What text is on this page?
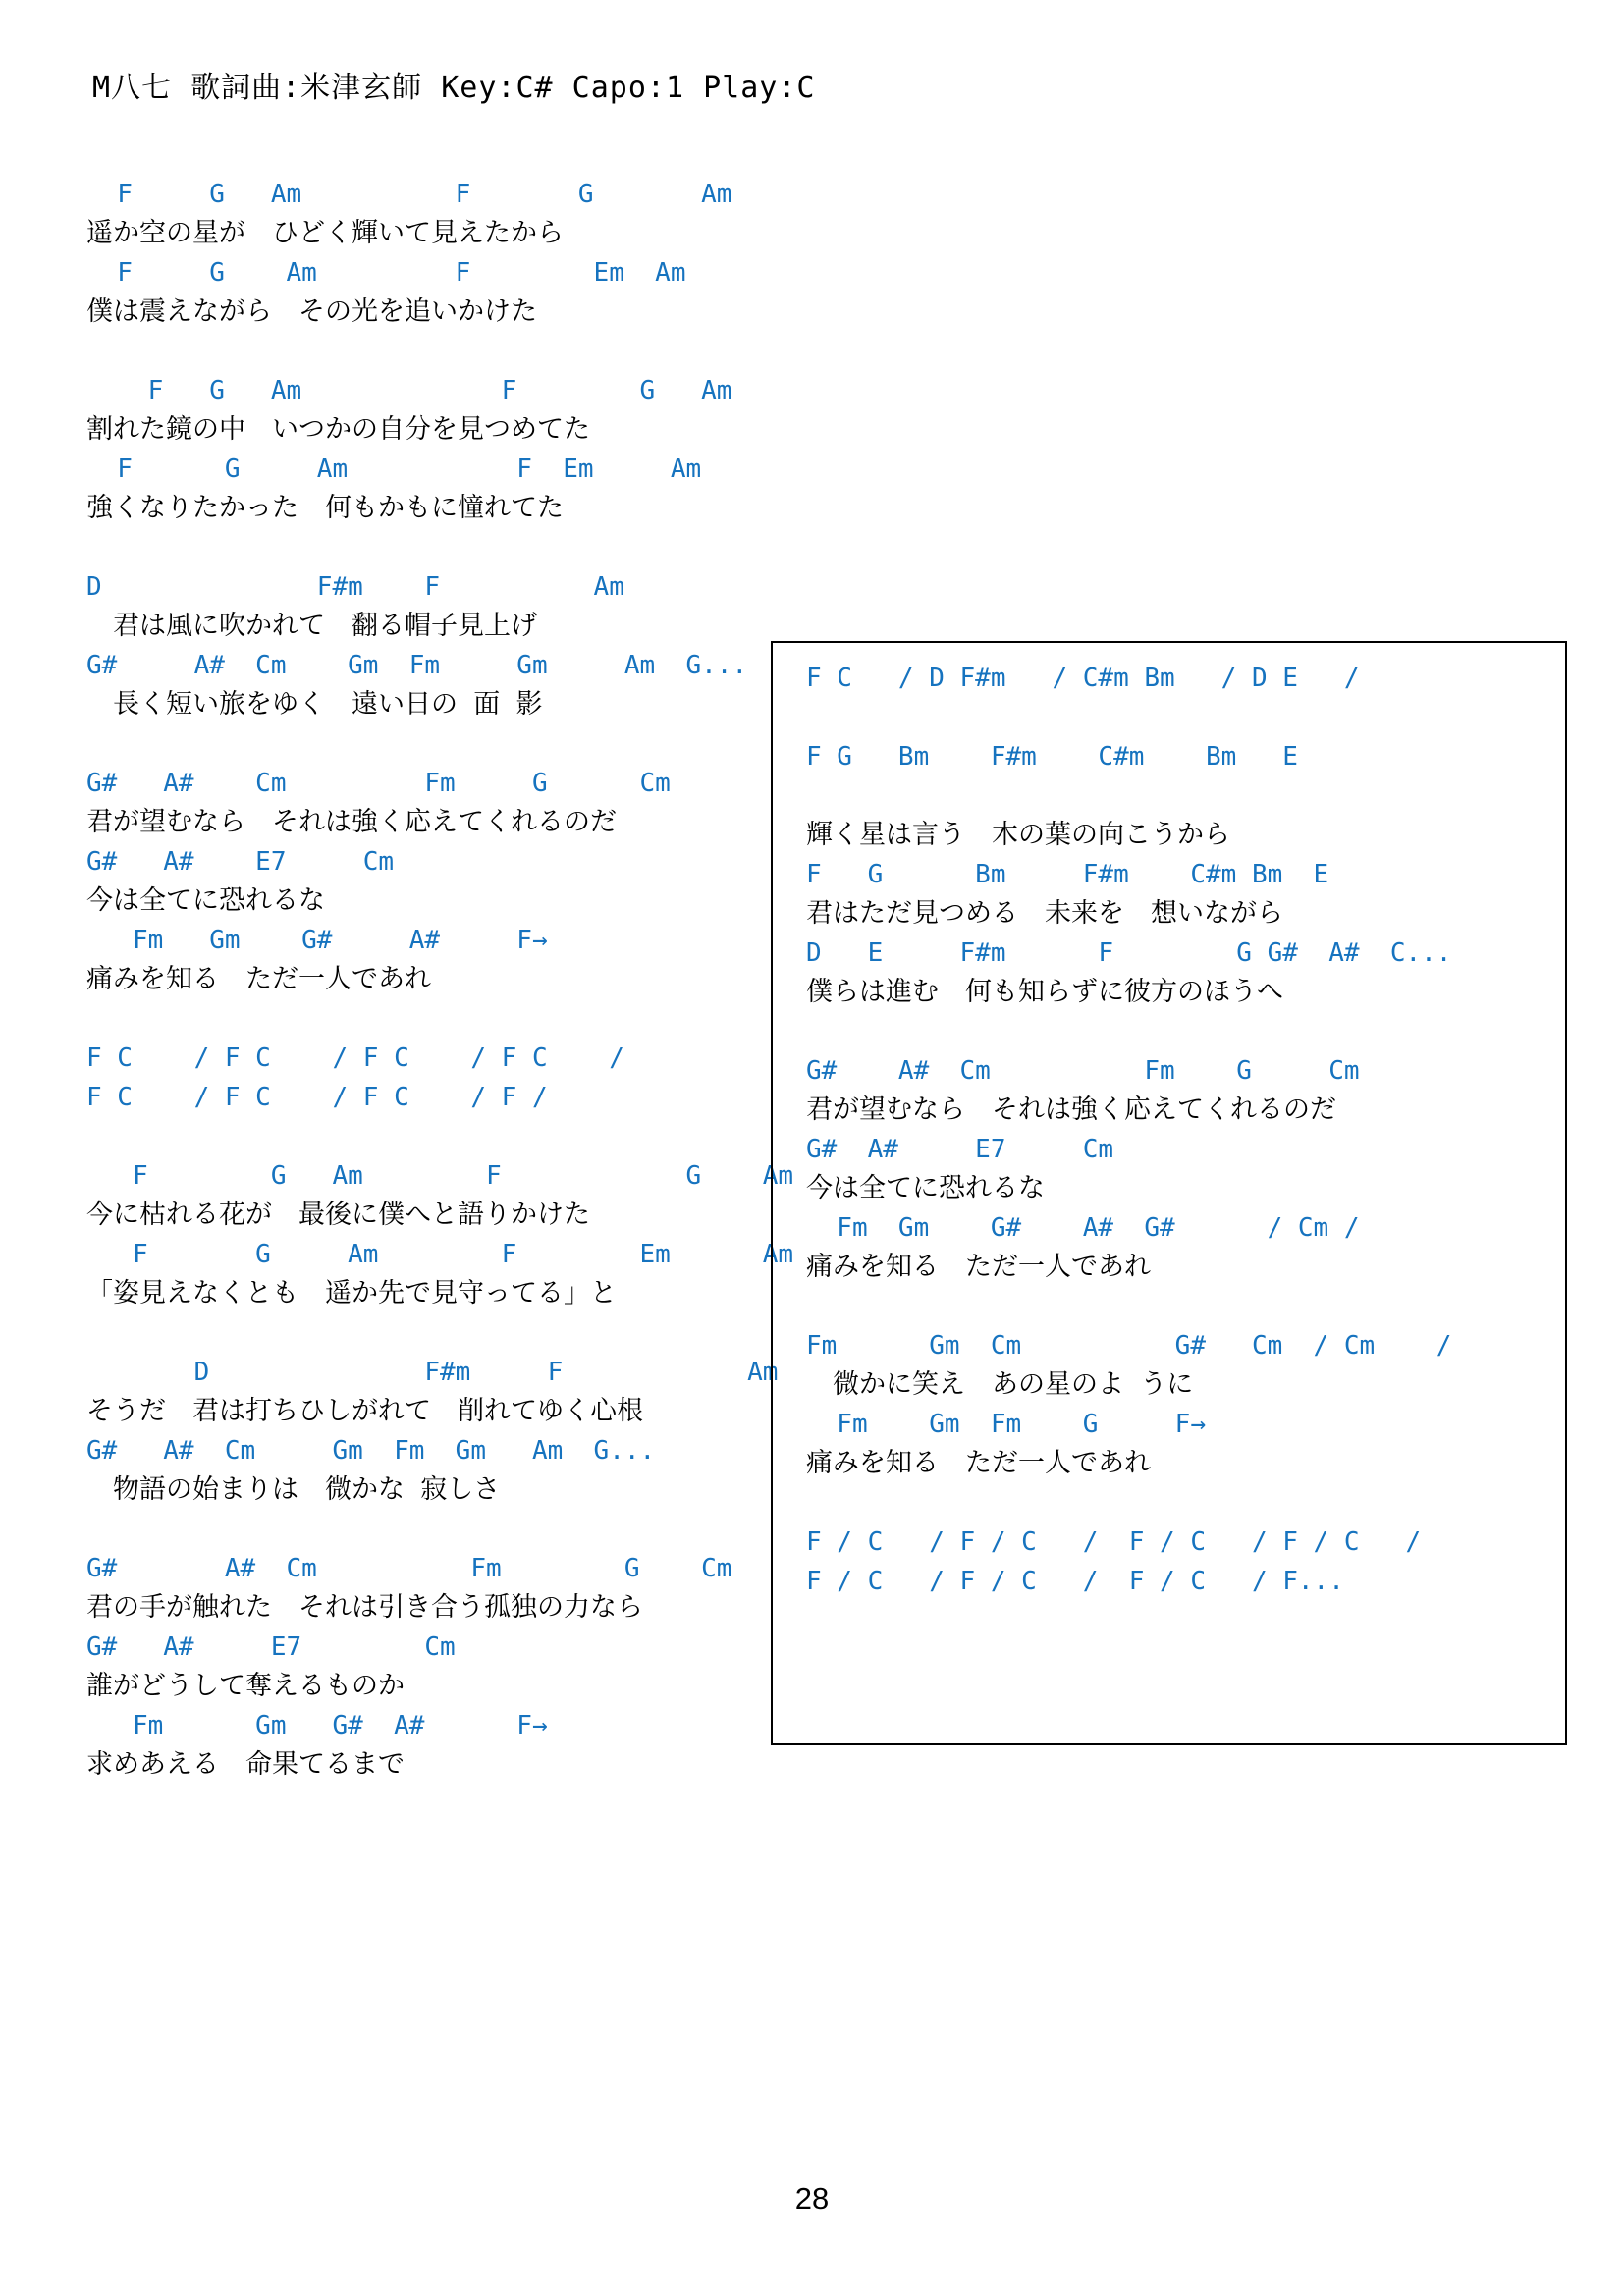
M八七 歌詞曲:米津玄師 Key:C# Capo:1 Play:C
F     G   Am          F       G       Am
遥か空の星が　ひどく輝いて見えたから
F     G    Am         F        Em  Am
僕は震えながら　その光を追いかけた

F   G   Am             F        G   Am
割れた鏡の中　いつかの自分を見つめてた
F      G     Am           F  Em     Am
強くなりたかった　何もかもに憧れてた

D              F#m    F          Am
　君は風に吹かれて　翻る帽子見上げ
G#     A#  Cm    Gm  Fm     Gm     Am  G...
　長く短い旅をゆく　遠い日の 面 影

G#   A#    Cm         Fm     G      Cm
君が望むなら　それは強く応えてくれるのだ
G#   A#    E7     Cm
今は全てに恐れるな
Fm   Gm    G#     A#     F→
痛みを知る　ただ一人であれ

F C    / F C    / F C    / F C    /
F C    / F C    / F C    / F /

F        G   Am        F            G    Am
今に枯れる花が　最後に僕へと語りかけた
F       G     Am        F        Em      Am
「姿見えなくとも　遥か先で見守ってる」と

D              F#m     F            Am
そうだ　君は打ちひしがれて　削れてゆく心根
G#   A#  Cm     Gm  Fm  Gm   Am  G...
　物語の始まりは　微かな 寂しさ

G#       A#  Cm          Fm        G    Cm
君の手が触れた　それは引き合う孤独の力なら
G#   A#     E7        Cm
誰がどうして奪えるものか
Fm      Gm   G#  A#      F→
求めあえる　命果てるまで
F C   / D F#m   / C#m Bm   / D E   /

F G   Bm    F#m    C#m    Bm   E

輝く星は言う　木の葉の向こうから
F   G      Bm     F#m    C#m Bm  E
君はただ見つめる　未来を　想いながら
D   E     F#m      F        G G#  A#  C...
僕らは進む　何も知らずに彼方のほうへ

G#    A#  Cm          Fm    G     Cm
君が望むなら　それは強く応えてくれるのだ
G#  A#     E7     Cm
今は全てに恐れるな
Fm  Gm    G#    A#  G#      / Cm /
痛みを知る　ただ一人であれ

Fm      Gm  Cm          G#   Cm  / Cm    /
　微かに笑え　あの星のよ うに
Fm    Gm  Fm    G     F→
痛みを知る　ただ一人であれ

F / C   / F / C   /  F / C   / F / C   /
F / C   / F / C   /  F / C   / F...
28
